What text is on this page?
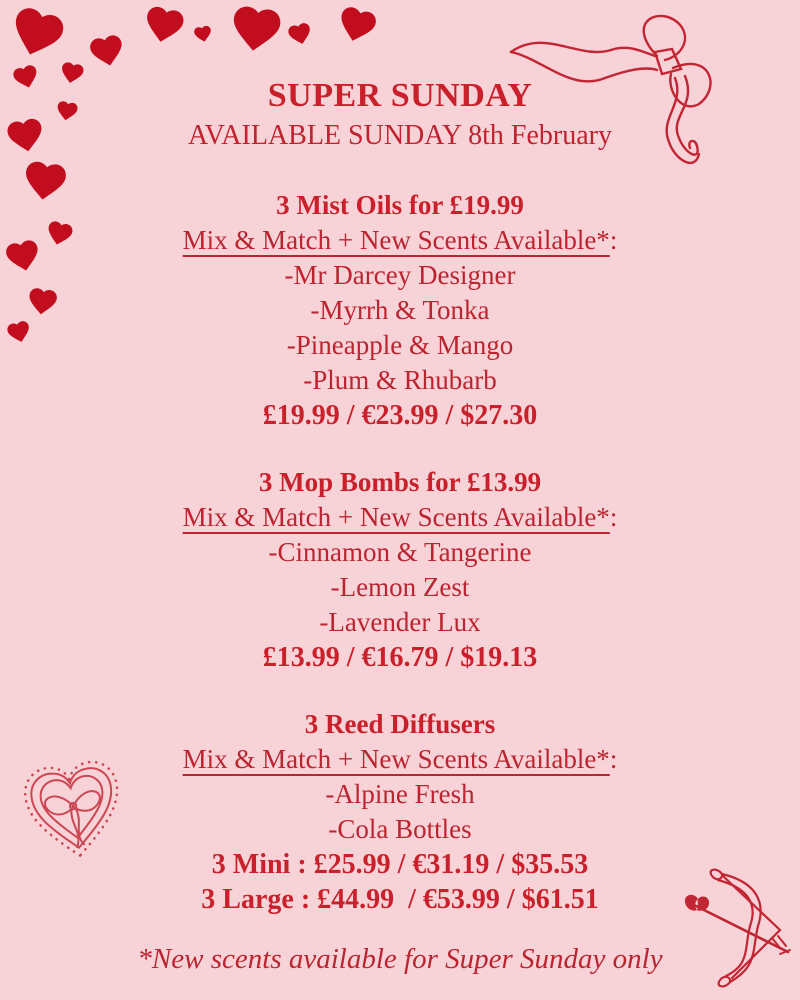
SUPER SUNDAY
AVAILABLE SUNDAY 8th February
3 Mist Oils for £19.99
Mix & Match + New Scents Available*:
-Mr Darcey Designer
-Myrrh & Tonka
-Pineapple & Mango
-Plum & Rhubarb
£19.99 / €23.99 / $27.30
3 Mop Bombs for £13.99
Mix & Match + New Scents Available*:
-Cinnamon & Tangerine
-Lemon Zest
-Lavender Lux
£13.99 / €16.79 / $19.13
3 Reed Diffusers
Mix & Match + New Scents Available*:
-Alpine Fresh
-Cola Bottles
3 Mini : £25.99 / €31.19 / $35.53
3 Large : £44.99  / €53.99 / $61.51
*New scents available for Super Sunday only
